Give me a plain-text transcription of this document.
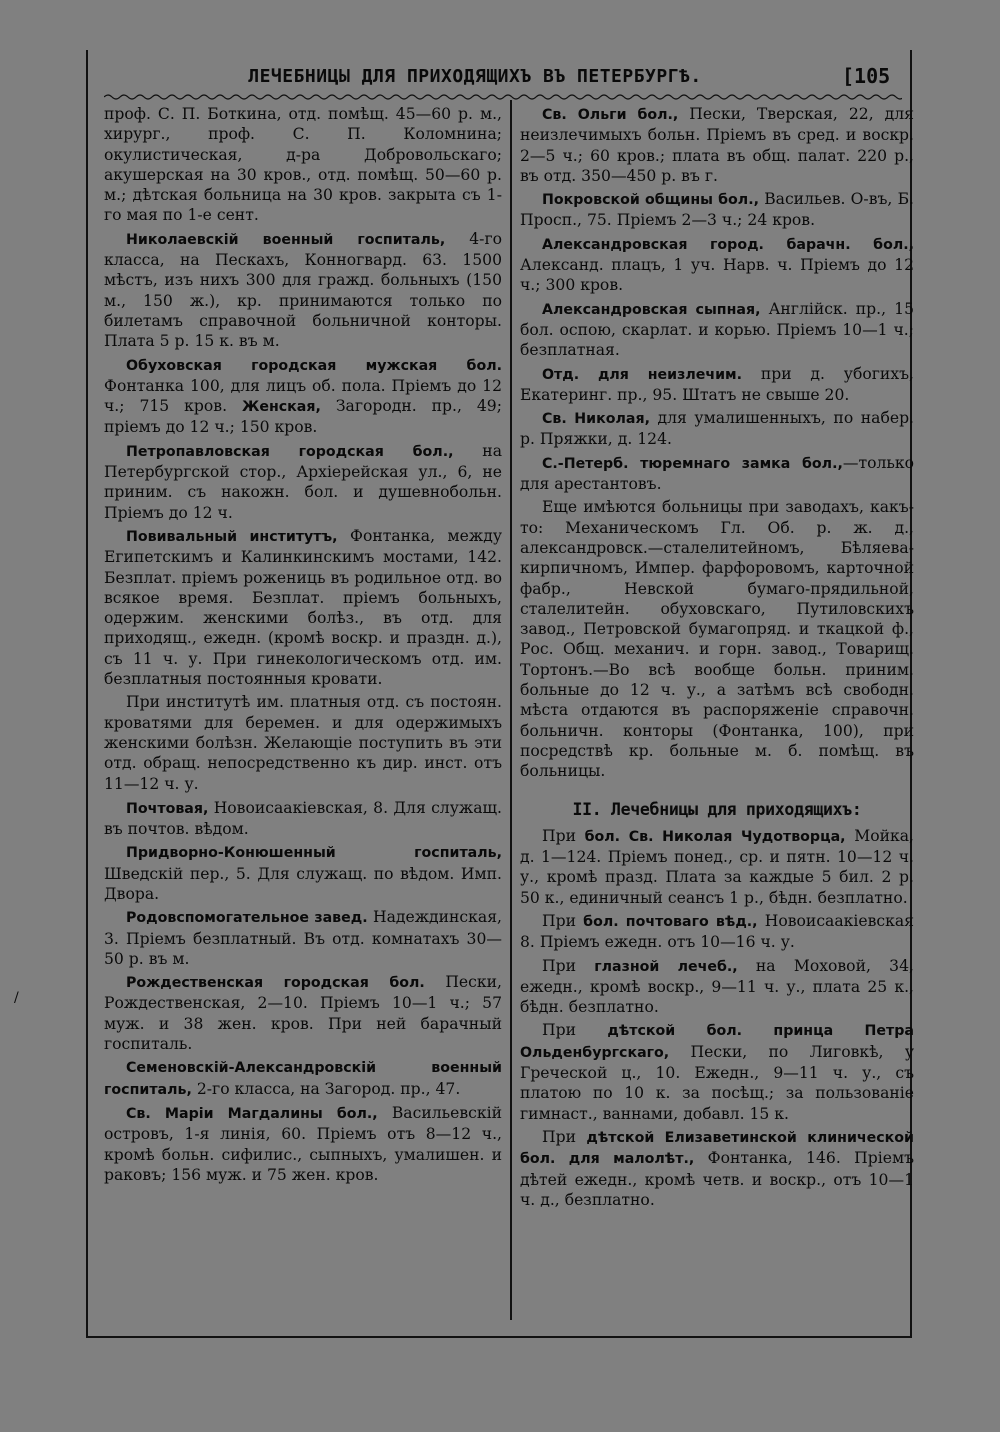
ЛЕЧЕБНИЦЫ ДЛЯ ПРИХОДЯЩИХЪ ВЪ ПЕТЕРБУРГѢ.	[105
проф. С. П. Боткина, отд. помѣщ. 45—60 р. м., хирург., проф. С. П. Коломнина; окулистическая, д-ра Добровольскаго; акушерская на 30 кров., отд. помѣщ. 50—60 р. м.; дѣтская больница на 30 кров. закрыта съ 1-го мая по 1-е сент.
Николаевскій военный госпиталь, 4-го класса, на Пескахъ, Конногвард. 63. 1500 мѣстъ, изъ нихъ 300 для гражд. больныхъ (150 м., 150 ж.), кр. принимаются только по билетамъ справочной больничной конторы. Плата 5 р. 15 к. въ м.
Обуховская городская мужская бол. Фонтанка 100, для лицъ об. пола. Пріемъ до 12 ч.; 715 кров. Женская, Загородн. пр., 49; пріемъ до 12 ч.; 150 кров.
Петропавловская городская бол., на Петербургской стор., Архіерейская ул., 6, не приним. съ накожн. бол. и душевнобольн. Пріемъ до 12 ч.
Повивальный институтъ, Фонтанка, между Египетскимъ и Калинкинскимъ мостами, 142. Безплат. пріемъ рожениць въ родильное отд. во всякое время. Безплат. пріемъ больныхъ, одержим. женскими болѣз., въ отд. для приходящ., ежедн. (кромѣ воскр. и праздн. д.), съ 11 ч. у. При гинекологическомъ отд. им. безплатныя постоянныя кровати.
При институтѣ им. платныя отд. съ постоян. кроватями для беремен. и для одержимыхъ женскими болѣзн. Желающіе поступить въ эти отд. обращ. непосредственно къ дир. инст. отъ 11—12 ч. у.
Почтовая, Новоисаакіевская, 8. Для служащ. въ почтов. вѣдом.
Придворно-Конюшенный госпиталь, Шведскій пер., 5. Для служащ. по вѣдом. Имп. Двора.
Родовспомогательное завед. Надеждинская, 3. Пріемъ безплатный. Въ отд. комнатахъ 30—50 р. въ м.
Рождественская городская бол. Пески, Рождественская, 2—10. Пріемъ 10—1 ч.; 57 муж. и 38 жен. кров. При ней барачный госпиталь.
Семеновскій-Александровскій военный госпиталь, 2-го класса, на Загород. пр., 47.
Св. Маріи Магдалины бол., Васильевскій островъ, 1-я линія, 60. Пріемъ отъ 8—12 ч., кромѣ больн. сифилис., сыпныхъ, умалишен. и раковъ; 156 муж. и 75 жен. кров.
Св. Ольги бол., Пески, Тверская, 22, для неизлечимыхъ больн. Пріемъ въ сред. и воскр. 2—5 ч.; 60 кров.; плата въ общ. палат. 220 р., въ отд. 350—450 р. въ г.
Покровской общины бол., Васильев. О-въ, Б. Просп., 75. Пріемъ 2—3 ч.; 24 кров.
Александровская город. барачн. бол., Александ. плацъ, 1 уч. Нарв. ч. Пріемъ до 12 ч.; 300 кров.
Александровская сыпная, Англійск. пр., 15 бол. оспою, скарлат. и корью. Пріемъ 10—1 ч.; безплатная.
Отд. для неизлечим. при д. убогихъ, Екатеринг. пр., 95. Штатъ не свыше 20.
Св. Николая, для умалишенныхъ, по набер. р. Пряжки, д. 124.
С.-Петерб. тюремнаго замка бол.,—только для арестантовъ.
Еще имѣются больницы при заводахъ, какъ-то: Механическомъ Гл. Об. р. ж. д., александровск.—сталелитейномъ, Бѣляева-кирпичномъ, Импер. фарфоровомъ, карточной фабр., Невской бумаго-прядильной, сталелитейн. обуховскаго, Путиловскихъ завод., Петровской бумагопряд. и ткацкой ф., Рос. Общ. механич. и горн. завод., Товарищ. Тортонъ.—Во всѣ вообще больн. приним. больные до 12 ч. у., а затѣмъ всѣ свободн. мѣста отдаются въ распоряженіе справочн. больничн. конторы (Фонтанка, 100), при посредствѣ кр. больные м. б. помѣщ. въ больницы.
II. Лечебницы для приходящихъ:
При бол. Св. Николая Чудотворца, Мойка, д. 1—124. Пріемъ понед., ср. и пятн. 10—12 ч. у., кромѣ празд. Плата за каждые 5 бил. 2 р. 50 к., единичный сеансъ 1 р., бѣдн. безплатно.
При бол. почтоваго вѣд., Новоисаакіевская 8. Пріемъ ежедн. отъ 10—16 ч. у.
При глазной лечеб., на Моховой, 34, ежедн., кромѣ воскр., 9—11 ч. у., плата 25 к., бѣдн. безплатно.
При дѣтской бол. принца Петра Ольденбургскаго, Пески, по Лиговкѣ, у Греческой ц., 10. Ежедн., 9—11 ч. у., съ платою по 10 к. за посѣщ.; за пользованіе гимнаст., ваннами, добавл. 15 к.
При дѣтской Елизаветинской клинической бол. для малолѣт., Фонтанка, 146. Пріемъ дѣтей ежедн., кромѣ четв. и воскр., отъ 10—1 ч. д., безплатно.
/
